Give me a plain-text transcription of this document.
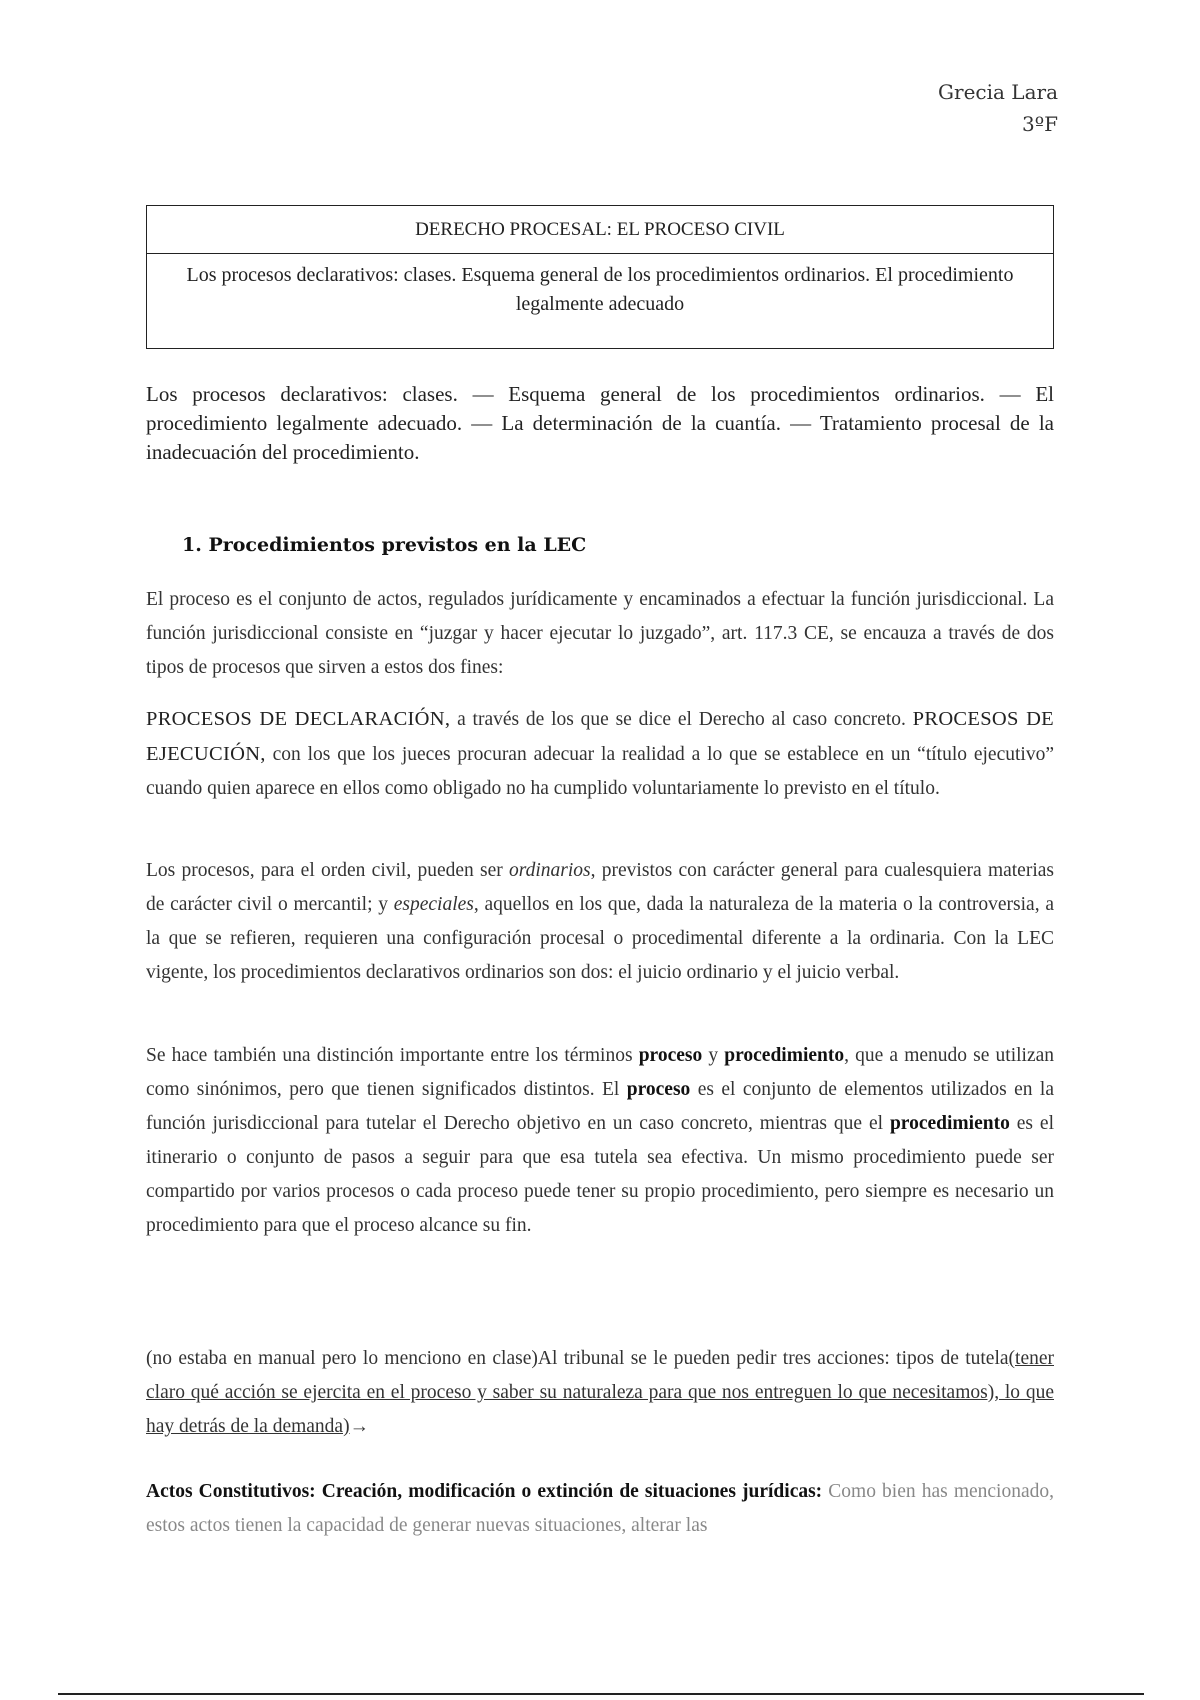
Grecia Lara
3ºF
DERECHO PROCESAL: EL PROCESO CIVIL
Los procesos declarativos: clases. Esquema general de los procedimientos ordinarios. El procedimiento legalmente adecuado
Los procesos declarativos: clases. — Esquema general de los procedimientos ordinarios. — El procedimiento legalmente adecuado. — La determinación de la cuantía. — Tratamiento procesal de la inadecuación del procedimiento.
1. Procedimientos previstos en la LEC

El proceso es el conjunto de actos, regulados jurídicamente y encaminados a efectuar la función jurisdiccional. La función jurisdiccional consiste en “juzgar y hacer ejecutar lo juzgado”, art. 117.3 CE, se encauza a través de dos tipos de procesos que sirven a estos dos fines:

PROCESOS DE DECLARACIÓN, a través de los que se dice el Derecho al caso concreto. PROCESOS DE EJECUCIÓN, con los que los jueces procuran adecuar la realidad a lo que se establece en un “título ejecutivo” cuando quien aparece en ellos como obligado no ha cumplido voluntariamente lo previsto en el título.

Los procesos, para el orden civil, pueden ser ordinarios, previstos con carácter general para cualesquiera materias de carácter civil o mercantil; y especiales, aquellos en los que, dada la naturaleza de la materia o la controversia, a la que se refieren, requieren una configuración procesal o procedimental diferente a la ordinaria. Con la LEC vigente, los procedimientos declarativos ordinarios son dos: el juicio ordinario y el juicio verbal.

Se hace también una distinción importante entre los términos proceso y procedimiento, que a menudo se utilizan como sinónimos, pero que tienen significados distintos. El proceso es el conjunto de elementos utilizados en la función jurisdiccional para tutelar el Derecho objetivo en un caso concreto, mientras que el procedimiento es el itinerario o conjunto de pasos a seguir para que esa tutela sea efectiva. Un mismo procedimiento puede ser compartido por varios procesos o cada proceso puede tener su propio procedimiento, pero siempre es necesario un procedimiento para que el proceso alcance su fin.

(no estaba en manual pero lo menciono en clase)Al tribunal se le pueden pedir tres acciones: tipos de tutela(tener claro qué acción se ejercita en el proceso y saber su naturaleza para que nos entreguen lo que necesitamos), lo que hay detrás de la demanda)→

Actos Constitutivos: Creación, modificación o extinción de situaciones jurídicas: Como bien has mencionado, estos actos tienen la capacidad de generar nuevas situaciones, alterar las
